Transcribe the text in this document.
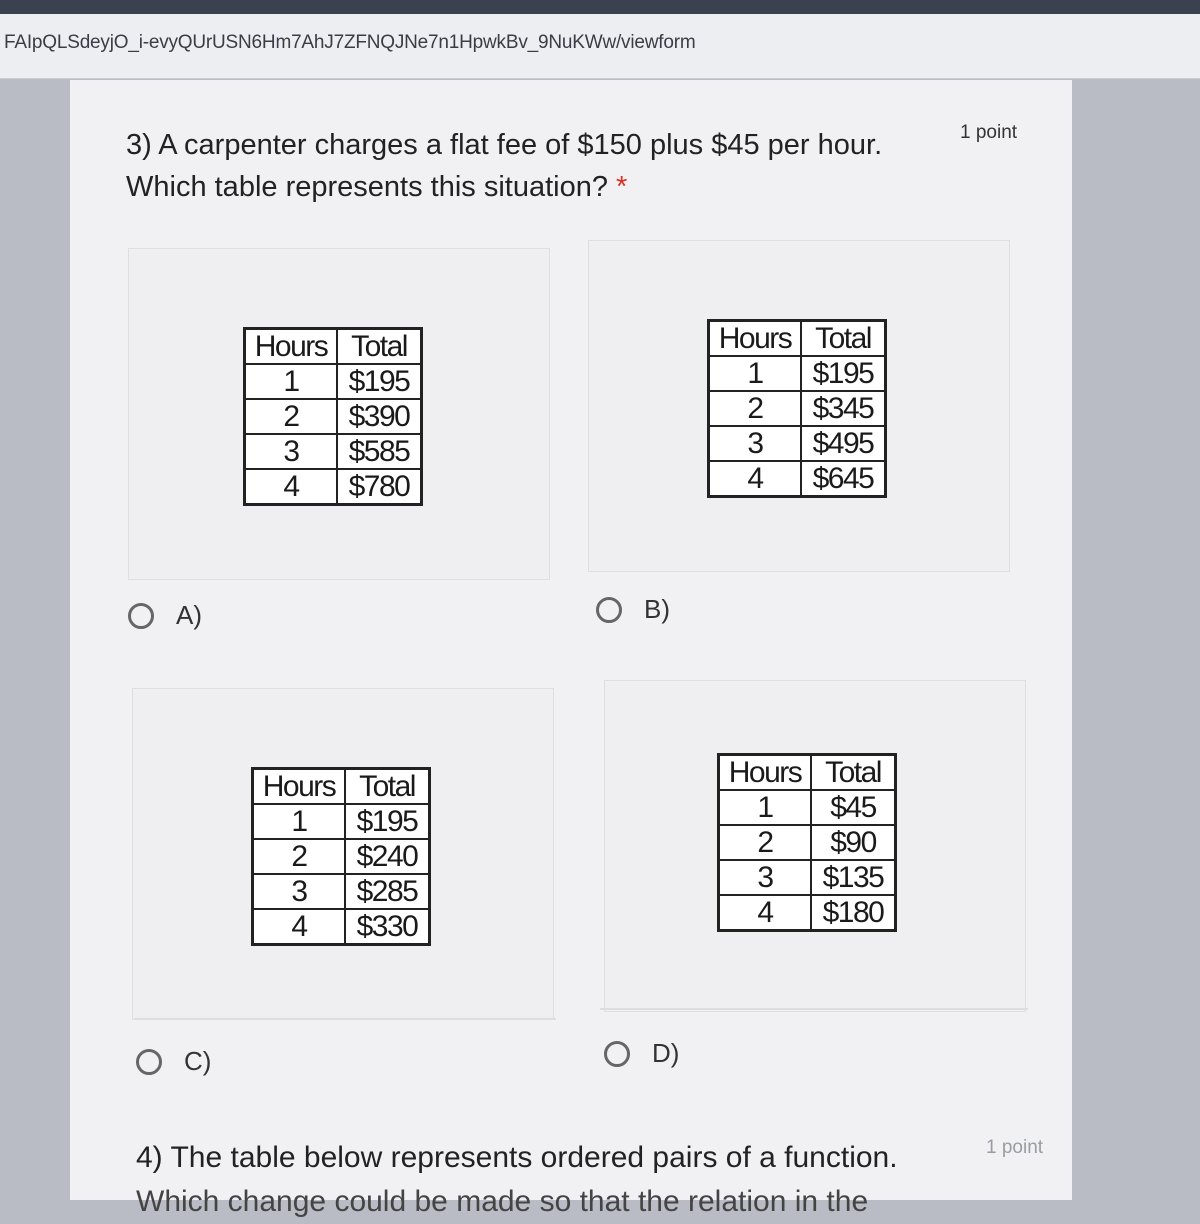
FAIpQLSdeyjO_i-evyQUrUSN6Hm7AhJ7ZFNQJNe7n1HpwkBv_9NuKWw/viewform
3) A carpenter charges a flat fee of $150 plus $45 per hour. Which table represents this situation? *
1 point
Hours	Total
1	$195
2	$390
3	$585
4	$780
Hours	Total
1	$195
2	$345
3	$495
4	$645
A)	B)
Hours	Total
1	$195
2	$240
3	$285
4	$330
Hours	Total
1	$45
2	$90
3	$135
4	$180
C)	D)
4) The table below represents ordered pairs of a function.
Which change could be made so that the relation in the
1 point
